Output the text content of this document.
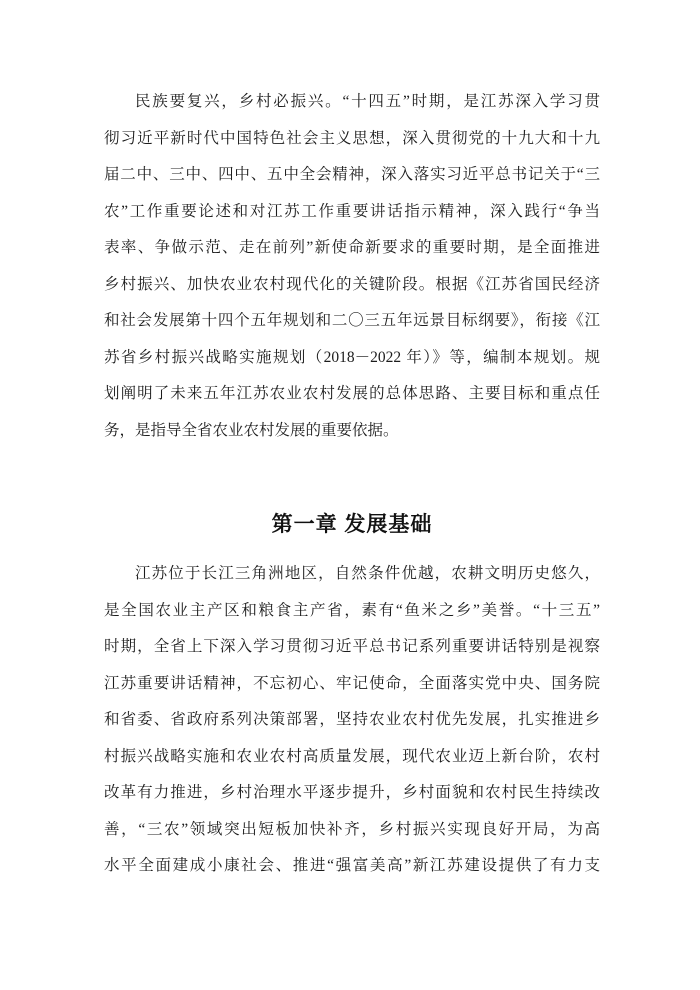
民族要复兴，乡村必振兴。“十四五”时期，是江苏深入学习贯
彻习近平新时代中国特色社会主义思想，深入贯彻党的十九大和十九
届二中、三中、四中、五中全会精神，深入落实习近平总书记关于“三
农”工作重要论述和对江苏工作重要讲话指示精神，深入践行“争当
表率、争做示范、走在前列”新使命新要求的重要时期，是全面推进
乡村振兴、加快农业农村现代化的关键阶段。根据《江苏省国民经济
和社会发展第十四个五年规划和二〇三五年远景目标纲要》，衔接《江
苏省乡村振兴战略实施规划（2018－2022 年）》等，编制本规划。规
划阐明了未来五年江苏农业农村发展的总体思路、主要目标和重点任
务，是指导全省农业农村发展的重要依据。
第一章 发展基础
江苏位于长江三角洲地区，自然条件优越，农耕文明历史悠久，
是全国农业主产区和粮食主产省，素有“鱼米之乡”美誉。“十三五”
时期，全省上下深入学习贯彻习近平总书记系列重要讲话特别是视察
江苏重要讲话精神，不忘初心、牢记使命，全面落实党中央、国务院
和省委、省政府系列决策部署，坚持农业农村优先发展，扎实推进乡
村振兴战略实施和农业农村高质量发展，现代农业迈上新台阶，农村
改革有力推进，乡村治理水平逐步提升，乡村面貌和农村民生持续改
善，“三农”领域突出短板加快补齐，乡村振兴实现良好开局，为高
水平全面建成小康社会、推进“强富美高”新江苏建设提供了有力支
